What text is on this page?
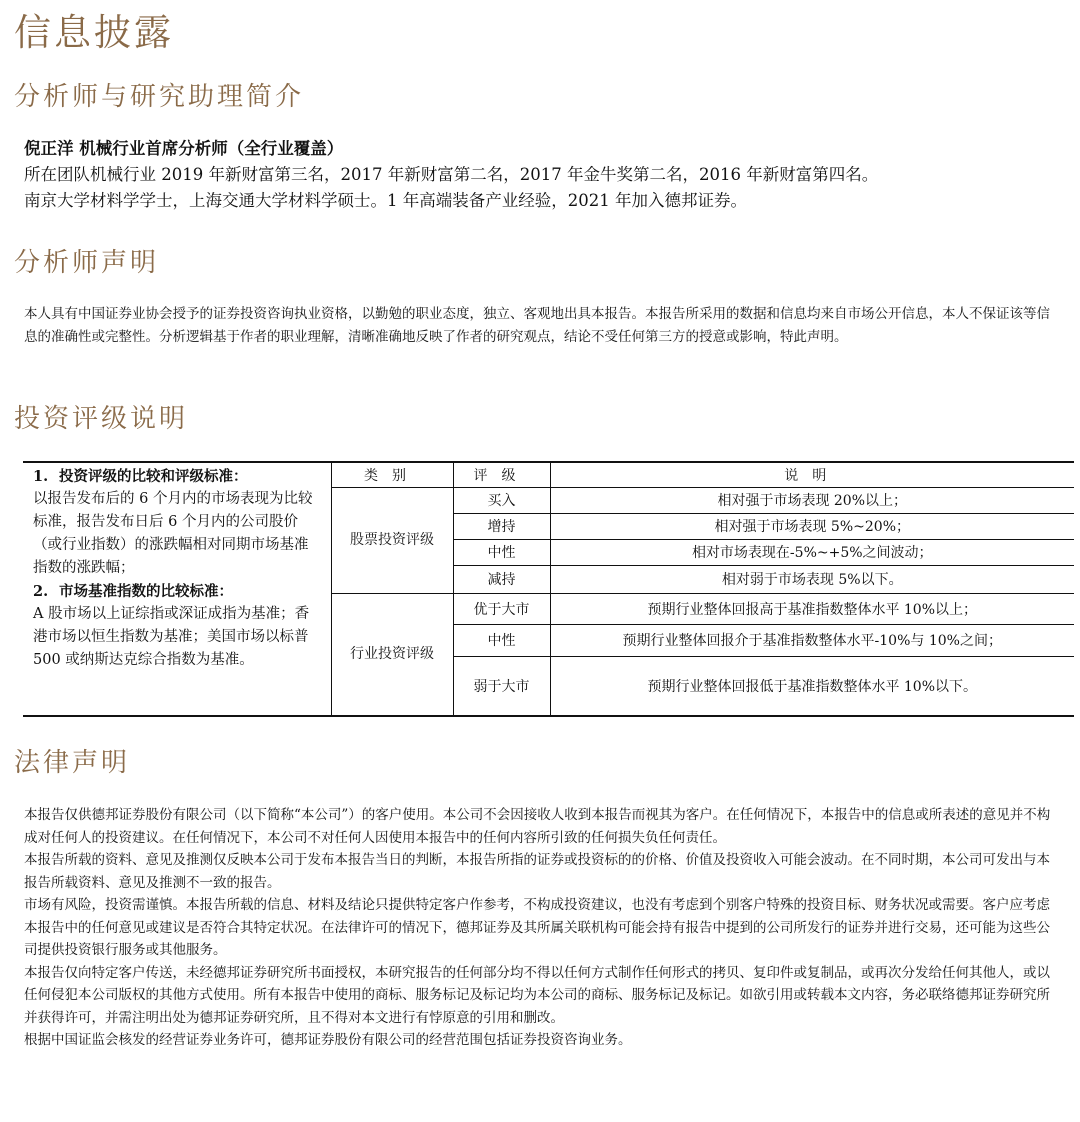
信息披露
分析师与研究助理简介
倪正洋 机械行业首席分析师（全行业覆盖）
所在团队机械行业 2019 年新财富第三名，2017 年新财富第二名，2017 年金牛奖第二名，2016 年新财富第四名。
南京大学材料学学士，上海交通大学材料学硕士。1 年高端装备产业经验，2021 年加入德邦证券。
分析师声明

本人具有中国证券业协会授予的证券投资咨询执业资格，以勤勉的职业态度，独立、客观地出具本报告。本报告所采用的数据和信息均来自市场公开信息，本人不保证该等信息的准确性或完整性。分析逻辑基于作者的职业理解，清晰准确地反映了作者的研究观点，结论不受任何第三方的授意或影响，特此声明。

投资评级说明
1. 投资评级的比较和评级标准：
以报告发布后的 6 个月内的市场表现为比较标准，报告发布日后 6 个月内的公司股价（或行业指数）的涨跌幅相对同期市场基准指数的涨跌幅；
2. 市场基准指数的比较标准：
A 股市场以上证综指或深证成指为基准；香港市场以恒生指数为基准；美国市场以标普 500 或纳斯达克综合指数为基准。	类别	评级	说明
	股票投资评级	买入	相对强于市场表现 20%以上；
		增持	相对强于市场表现 5%~20%；
		中性	相对市场表现在-5%~+5%之间波动；
		减持	相对弱于市场表现 5%以下。
	行业投资评级	优于大市	预期行业整体回报高于基准指数整体水平 10%以上；
		中性	预期行业整体回报介于基准指数整体水平-10%与 10%之间；
		弱于大市	预期行业整体回报低于基准指数整体水平 10%以下。
法律声明

本报告仅供德邦证券股份有限公司（以下简称“本公司”）的客户使用。本公司不会因接收人收到本报告而视其为客户。在任何情况下，本报告中的信息或所表述的意见并不构成对任何人的投资建议。在任何情况下，本公司不对任何人因使用本报告中的任何内容所引致的任何损失负任何责任。

本报告所载的资料、意见及推测仅反映本公司于发布本报告当日的判断，本报告所指的证券或投资标的的价格、价值及投资收入可能会波动。在不同时期，本公司可发出与本报告所载资料、意见及推测不一致的报告。

市场有风险，投资需谨慎。本报告所载的信息、材料及结论只提供特定客户作参考，不构成投资建议，也没有考虑到个别客户特殊的投资目标、财务状况或需要。客户应考虑本报告中的任何意见或建议是否符合其特定状况。在法律许可的情况下，德邦证券及其所属关联机构可能会持有报告中提到的公司所发行的证券并进行交易，还可能为这些公司提供投资银行服务或其他服务。

本报告仅向特定客户传送，未经德邦证券研究所书面授权，本研究报告的任何部分均不得以任何方式制作任何形式的拷贝、复印件或复制品，或再次分发给任何其他人，或以任何侵犯本公司版权的其他方式使用。所有本报告中使用的商标、服务标记及标记均为本公司的商标、服务标记及标记。如欲引用或转载本文内容，务必联络德邦证券研究所并获得许可，并需注明出处为德邦证券研究所，且不得对本文进行有悖原意的引用和删改。

根据中国证监会核发的经营证券业务许可，德邦证券股份有限公司的经营范围包括证券投资咨询业务。
